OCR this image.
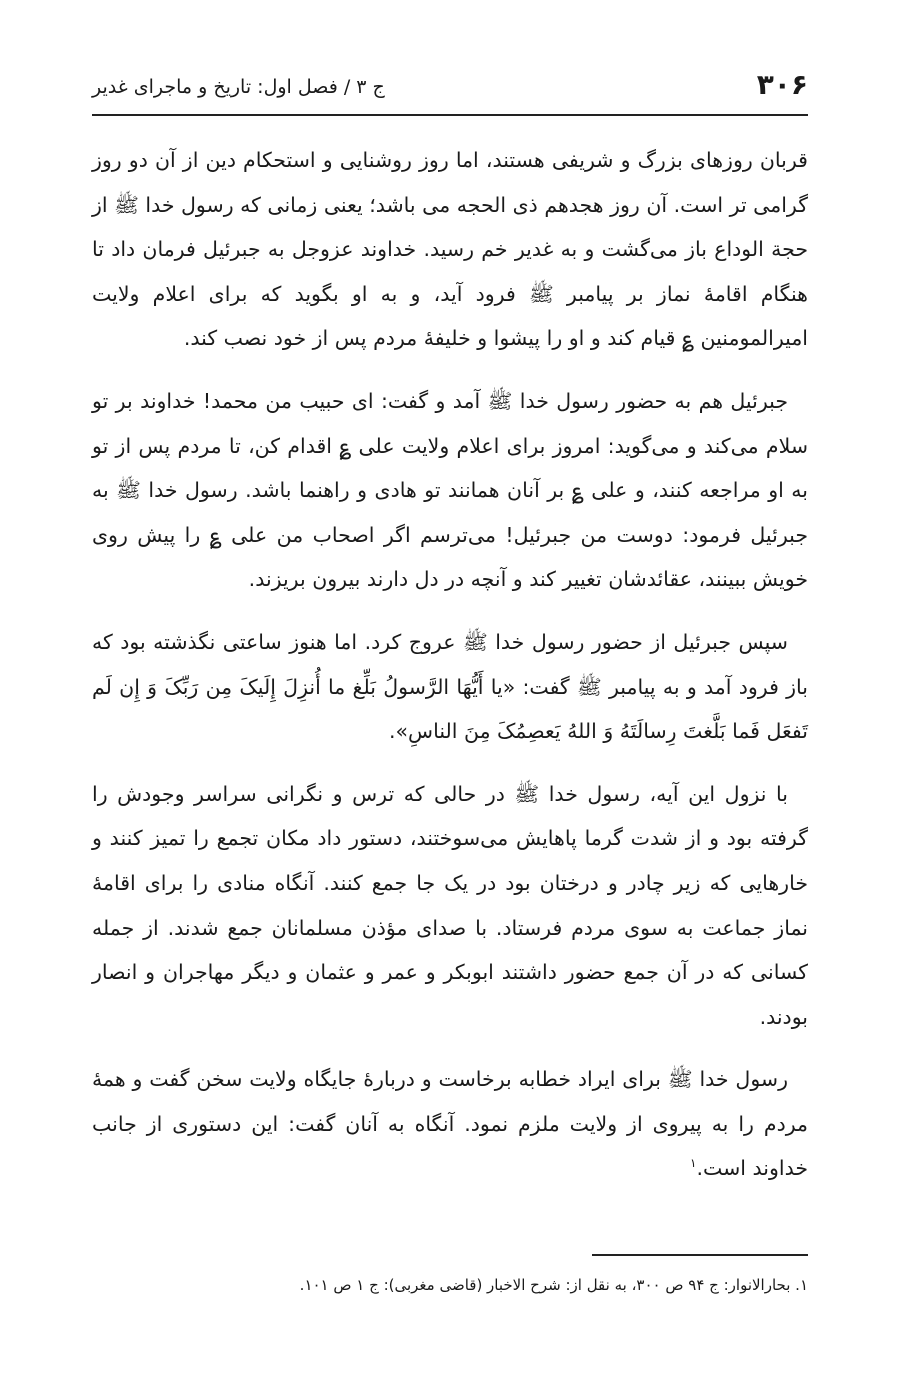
۳۰۶
ج ۳ / فصل اول: تاریخ و ماجرای غدیر

قربان روزهای بزرگ و شریفی هستند، اما روز روشنایی و استحکام دین از آن دو روز گرامی تر است. آن روز هجدهم ذی الحجه می باشد؛ یعنی زمانی که رسول خدا ﷺ از حجة الوداع باز می‌گشت و به غدیر خم رسید. خداوند عزوجل به جبرئیل فرمان داد تا هنگام اقامهٔ نماز بر پیامبر ﷺ فرود آید، و به او بگوید که برای اعلام ولایت امیرالمومنین ؏ قیام کند و او را پیشوا و خلیفهٔ مردم پس از خود نصب کند.

جبرئیل هم به حضور رسول خدا ﷺ آمد و گفت: ای حبیب من محمد! خداوند بر تو سلام می‌کند و می‌گوید: امروز برای اعلام ولایت علی ؏ اقدام کن، تا مردم پس از تو به او مراجعه کنند، و علی ؏ بر آنان همانند تو هادی و راهنما باشد. رسول خدا ﷺ به جبرئیل فرمود: دوست من جبرئیل! می‌ترسم اگر اصحاب من علی ؏ را پیش روی خویش ببینند، عقائدشان تغییر کند و آنچه در دل دارند بیرون بریزند.

سپس جبرئیل از حضور رسول خدا ﷺ عروج کرد. اما هنوز ساعتی نگذشته بود که باز فرود آمد و به پیامبر ﷺ گفت: «یا أَیُّهَا الرَّسولُ بَلِّغ ما أُنزِلَ إِلَیکَ مِن رَبِّکَ وَ إِن لَم تَفعَل فَما بَلَّغتَ رِسالَتَهُ وَ اللهُ یَعصِمُکَ مِنَ الناسِ».

با نزول این آیه، رسول خدا ﷺ در حالی که ترس و نگرانی سراسر وجودش را گرفته بود و از شدت گرما پاهایش می‌سوختند، دستور داد مکان تجمع را تمیز کنند و خارهایی که زیر چادر و درختان بود در یک جا جمع کنند. آنگاه منادی را برای اقامهٔ نماز جماعت به سوی مردم فرستاد. با صدای مؤذن مسلمانان جمع شدند. از جمله کسانی که در آن جمع حضور داشتند ابوبکر و عمر و عثمان و دیگر مهاجران و انصار بودند.

رسول خدا ﷺ برای ایراد خطابه برخاست و دربارهٔ جایگاه ولایت سخن گفت و همهٔ مردم را به پیروی از ولایت ملزم نمود. آنگاه به آنان گفت: این دستوری از جانب خداوند است.$^۱$

۱. بحارالانوار: ج ۹۴ ص ۳۰۰، به نقل از: شرح الاخبار (قاضی مغربی): ج ۱ ص ۱۰۱.
